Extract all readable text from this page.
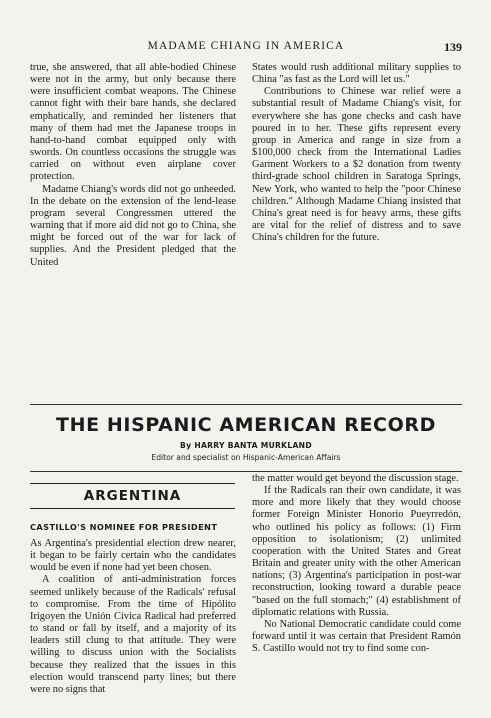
MADAME CHIANG IN AMERICA	139

true, she answered, that all able-bodied Chinese were not in the army, but only because there were insufficient combat weapons. The Chinese cannot fight with their bare hands, she declared emphatically, and reminded her listeners that many of them had met the Japanese troops in hand-to-hand combat equipped only with swords. On countless occasions the struggle was carried on without even airplane cover protection.

Madame Chiang's words did not go unheeded. In the debate on the extension of the lend-lease program several Congressmen uttered the warning that if more aid did not go to China, she might be forced out of the war for lack of supplies. And the President pledged that the United

States would rush additional military supplies to China "as fast as the Lord will let us."

Contributions to Chinese war relief were a substantial result of Madame Chiang's visit, for everywhere she has gone checks and cash have poured in to her. These gifts represent every group in America and range in size from a $100,000 check from the International Ladies Garment Workers to a $2 donation from twenty third-grade school children in Saratoga Springs, New York, who wanted to help the "poor Chinese children." Although Madame Chiang insisted that China's great need is for heavy arms, these gifts are vital for the relief of distress and to save China's children for the future.

THE HISPANIC AMERICAN RECORD
By HARRY BANTA MURKLAND
Editor and specialist on Hispanic-American Affairs
ARGENTINA
CASTILLO'S NOMINEE FOR PRESIDENT

As Argentina's presidential election drew nearer, it began to be fairly certain who the candidates would be even if none had yet been chosen.

A coalition of anti-administration forces seemed unlikely because of the Radicals' refusal to compromise. From the time of Hipólito Irigoyen the Unión Cívica Radical had preferred to stand or fall by itself, and a majority of its leaders still clung to that attitude. They were willing to discuss union with the Socialists because they realized that the issues in this election would transcend party lines; but there were no signs that

the matter would get beyond the discussion stage.

If the Radicals ran their own candidate, it was more and more likely that they would choose former Foreign Minister Honorio Pueyrredón, who outlined his policy as follows: (1) Firm opposition to isolationism; (2) unlimited cooperation with the United States and Great Britain and greater unity with the other American nations; (3) Argentina's participation in post-war reconstruction, looking toward a durable peace "based on the full stomach;" (4) establishment of diplomatic relations with Russia.

No National Democratic candidate could come forward until it was certain that President Ramón S. Castillo would not try to find some con-
